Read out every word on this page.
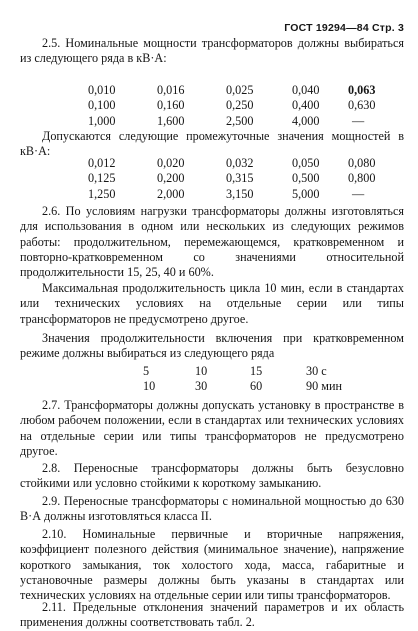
ГОСТ 19294—84 Стр. 3

2.5. Номинальные мощности трансформаторов должны выбираться из следующего ряда в кВ·А:

0,010	0,016	0,025	0,040	0,063
0,100	0,160	0,250	0,400	0,630
1,000	1,600	2,500	4,000	—

Допускаются следующие промежуточные значения мощностей в кВ·А:

0,012	0,020	0,032	0,050	0,080
0,125	0,200	0,315	0,500	0,800
1,250	2,000	3,150	5,000	—

2.6. По условиям нагрузки трансформаторы должны изготовляться для использования в одном или нескольких из следующих режимов работы: продолжительном, перемежающемся, кратковременном и повторно-кратковременном со значениями относительной продолжительности 15, 25, 40 и 60%.

Максимальная продолжительность цикла 10 мин, если в стандартах или технических условиях на отдельные серии или типы трансформаторов не предусмотрено другое.

Значения продолжительности включения при кратковременном режиме должны выбираться из следующего ряда

5	10	15	30 с
10	30	60	90 мин

2.7. Трансформаторы должны допускать установку в пространстве в любом рабочем положении, если в стандартах или технических условиях на отдельные серии или типы трансформаторов не предусмотрено другое.

2.8. Переносные трансформаторы должны быть безусловно стойкими или условно стойкими к короткому замыканию.

2.9. Переносные трансформаторы с номинальной мощностью до 630 В·А должны изготовляться класса II.

2.10. Номинальные первичные и вторичные напряжения, коэффициент полезного действия (минимальное значение), напряжение короткого замыкания, ток холостого хода, масса, габаритные и установочные размеры должны быть указаны в стандартах или технических условиях на отдельные серии или типы трансформаторов.

2.11. Предельные отклонения значений параметров и их область применения должны соответствовать табл. 2.
